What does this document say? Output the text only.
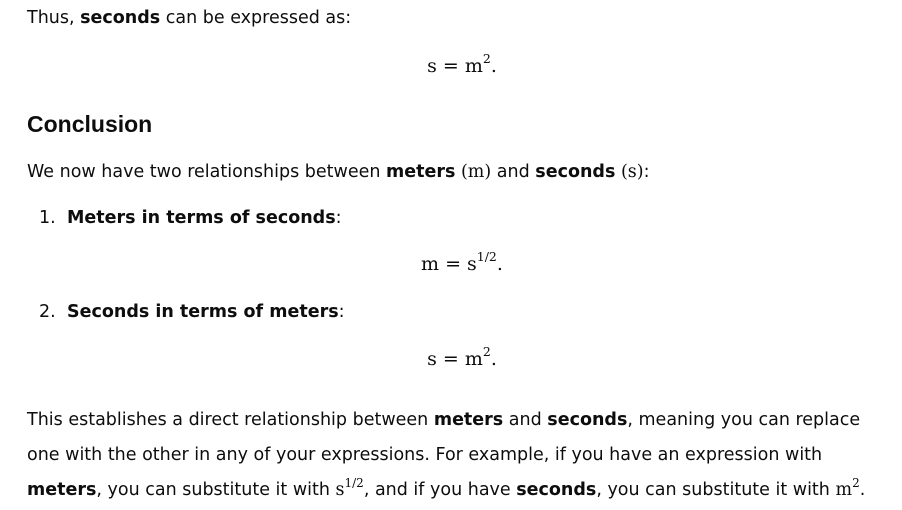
Thus, seconds can be expressed as:

$s = m^2$.
Conclusion

We now have two relationships between meters (m) and seconds (s):

1. Meters in terms of seconds:

$m = s^{1/2}$.

2. Seconds in terms of meters:

$s = m^2$.

This establishes a direct relationship between meters and seconds, meaning you can replace one with the other in any of your expressions. For example, if you have an expression with meters, you can substitute it with $s^{1/2}$, and if you have seconds, you can substitute it with $m^2$.
